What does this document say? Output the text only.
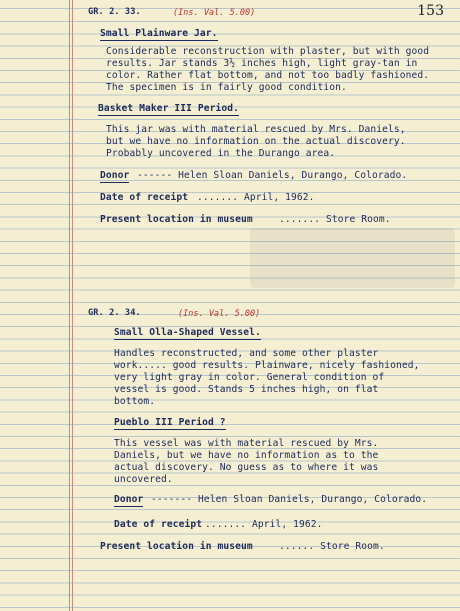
153
GR. 2. 33.	(Ins. Val. 5.00)
Small Plainware Jar.
Considerable reconstruction with plaster, but with good
results. Jar stands 3½ inches high, light gray-tan in
color. Rather flat bottom, and not too badly fashioned.
The specimen is in fairly good condition.
Basket Maker III Period.
This jar was with material rescued by Mrs. Daniels,
but we have no information on the actual discovery.
Probably uncovered in the Durango area.
Donor ------ Helen Sloan Daniels, Durango, Colorado.
Date of receipt ....... April, 1962.
Present location in museum	....... Store Room.
GR. 2. 34.	(Ins. Val. 5.00)
Small Olla-Shaped Vessel.
Handles reconstructed, and some other plaster
work..... good results. Plainware, nicely fashioned,
very light gray in color. General condition of
vessel is good. Stands 5 inches high, on flat
bottom.
Pueblo III Period ?
This vessel was with material rescued by Mrs.
Daniels, but we have no information as to the
actual discovery. No guess as to where it was
uncovered.
Donor ------- Helen Sloan Daniels, Durango, Colorado.
Date of receipt ....... April, 1962.
Present location in museum	...... Store Room.
